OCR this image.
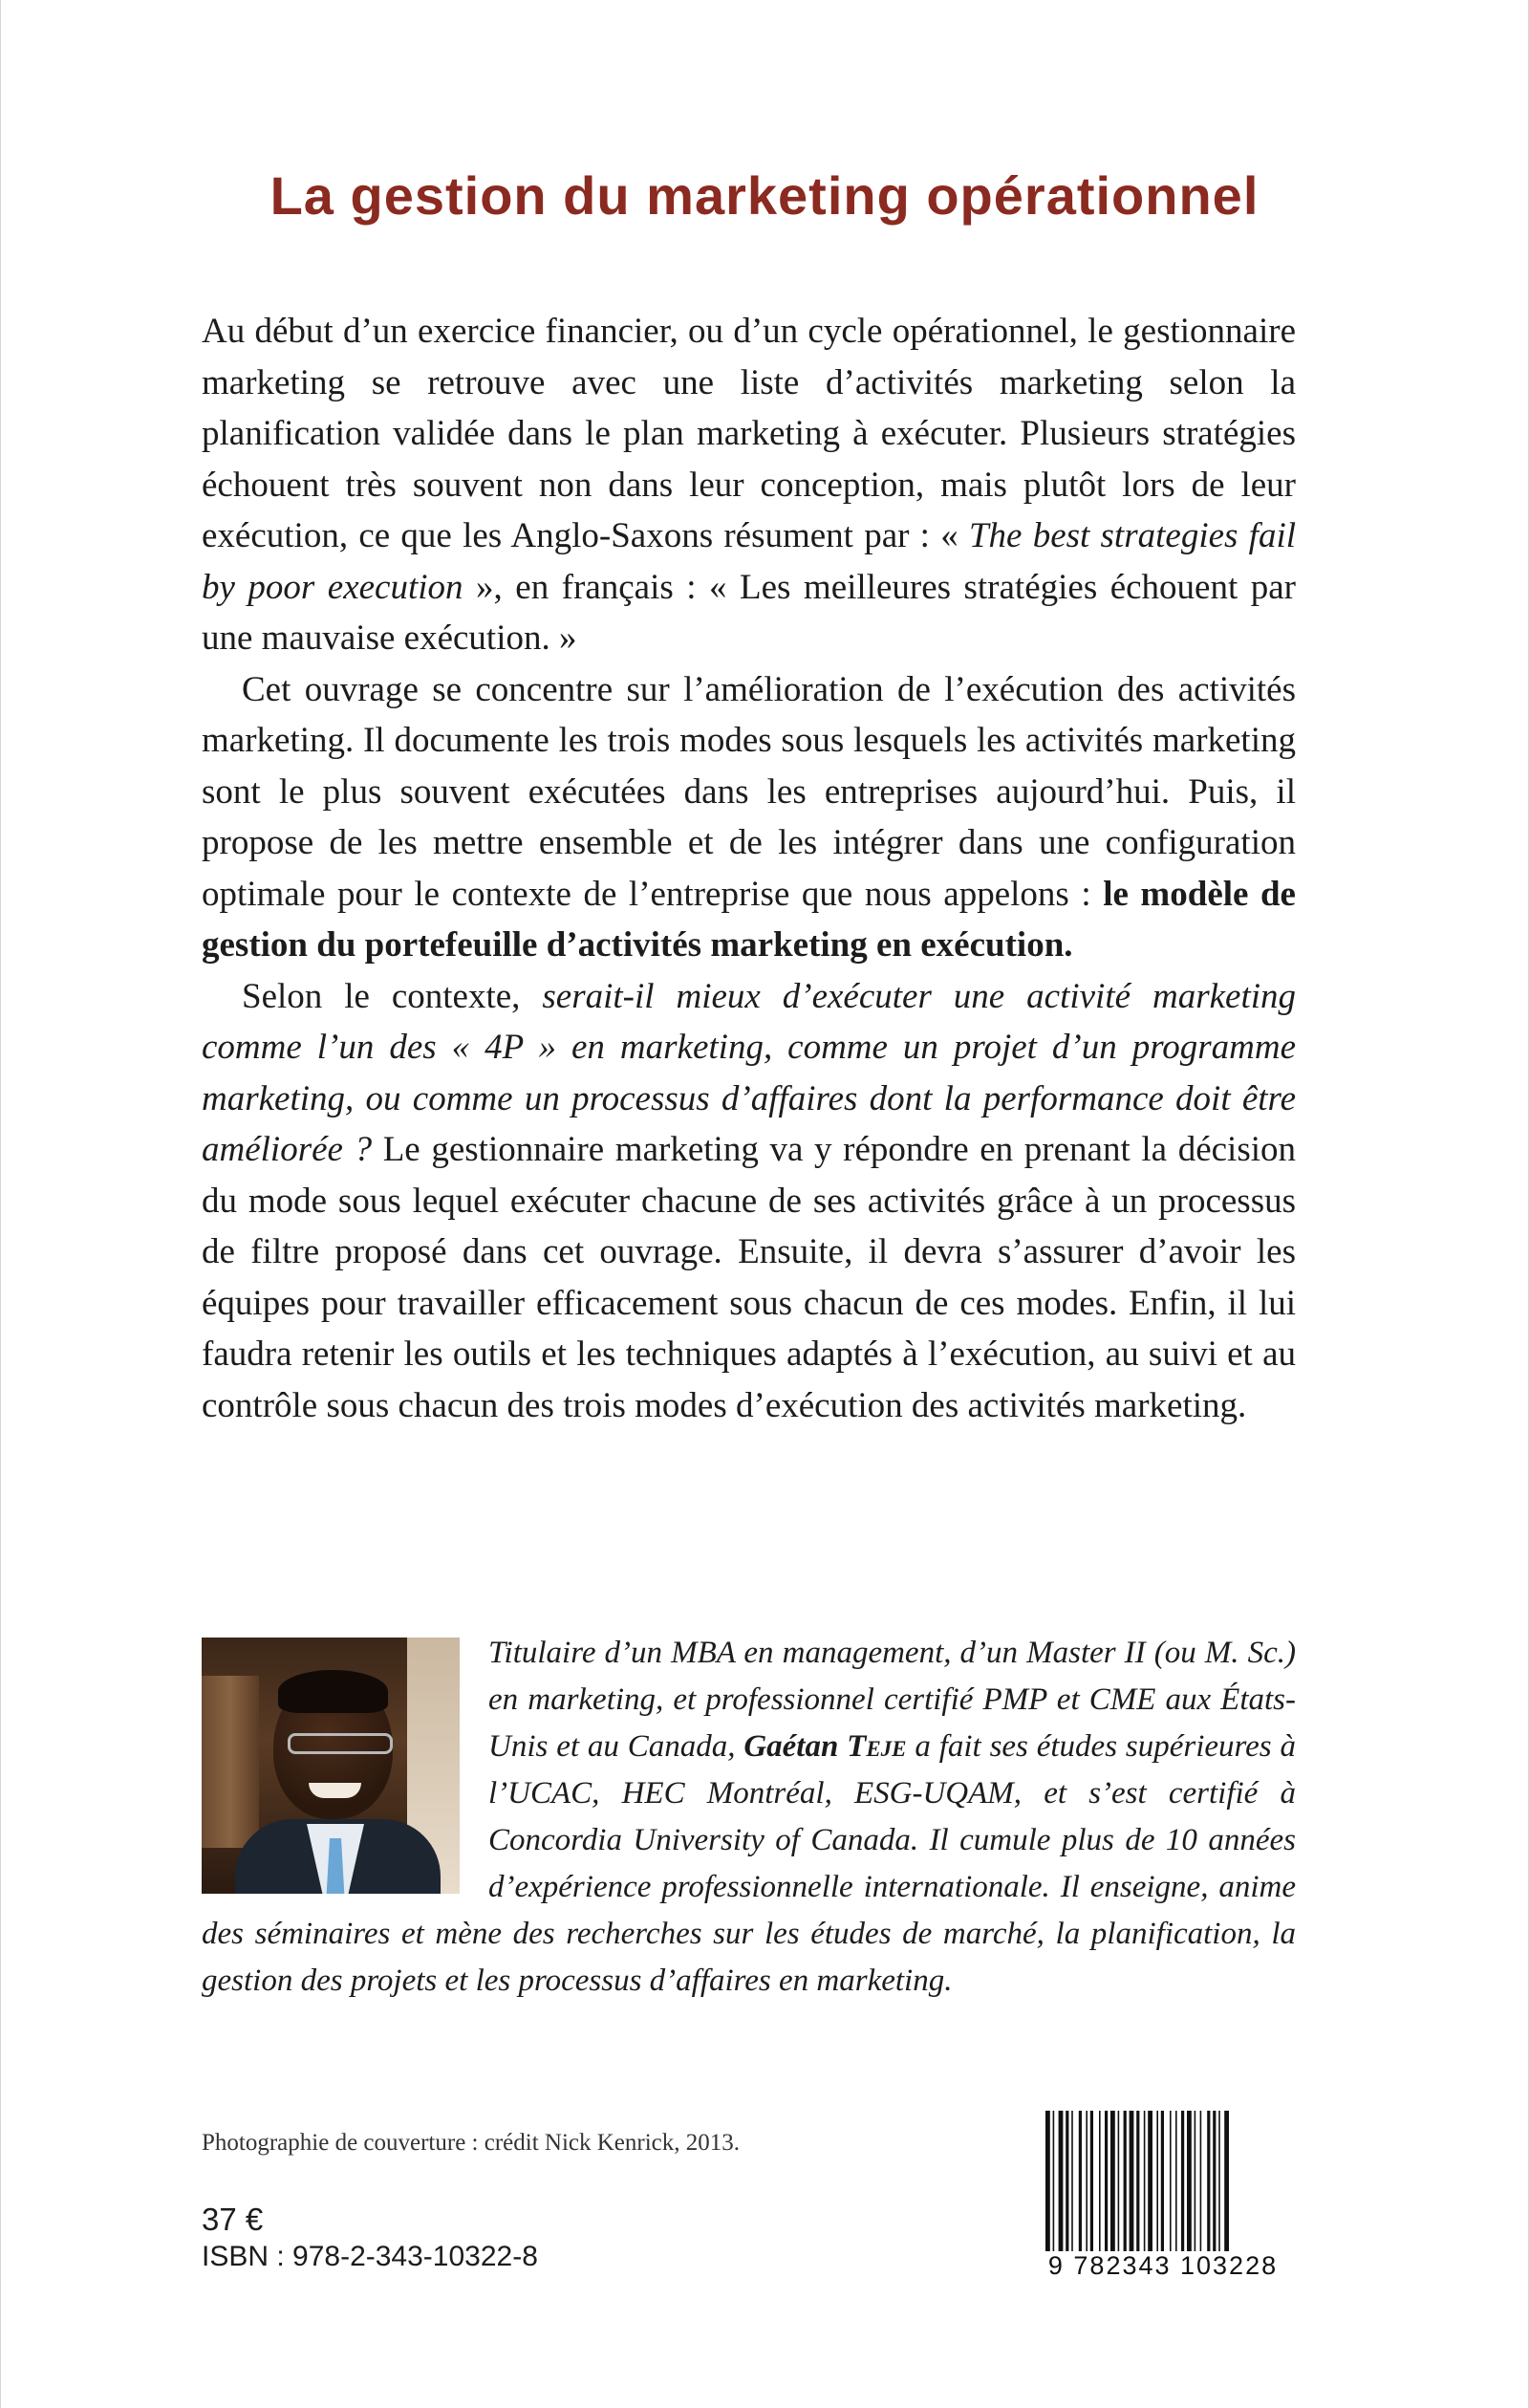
La gestion du marketing opérationnel

Au début d’un exercice financier, ou d’un cycle opérationnel, le gestionnaire marketing se retrouve avec une liste d’activités marketing selon la planification validée dans le plan marketing à exécuter. Plusieurs stratégies échouent très souvent non dans leur conception, mais plutôt lors de leur exécution, ce que les Anglo-Saxons résument par : « The best strategies fail by poor execution », en français : « Les meilleures stratégies échouent par une mauvaise exécution. »

Cet ouvrage se concentre sur l’amélioration de l’exécution des activités marketing. Il documente les trois modes sous lesquels les activités marketing sont le plus souvent exécutées dans les entreprises aujourd’hui. Puis, il propose de les mettre ensemble et de les intégrer dans une configuration optimale pour le contexte de l’entreprise que nous appelons : le modèle de gestion du portefeuille d’activités marketing en exécution.

Selon le contexte, serait-il mieux d’exécuter une activité marketing comme l’un des « 4P » en marketing, comme un projet d’un programme marketing, ou comme un processus d’affaires dont la performance doit être améliorée ? Le gestionnaire marketing va y répondre en prenant la décision du mode sous lequel exécuter chacune de ses activités grâce à un processus de filtre proposé dans cet ouvrage. Ensuite, il devra s’assurer d’avoir les équipes pour travailler efficacement sous chacun de ces modes. Enfin, il lui faudra retenir les outils et les techniques adaptés à l’exécution, au suivi et au contrôle sous chacun des trois modes d’exécution des activités marketing.

Titulaire d’un MBA en management, d’un Master II (ou M. Sc.) en marketing, et professionnel certifié PMP et CME aux États-Unis et au Canada, Gaétan Teje a fait ses études supérieures à l’UCAC, HEC Montréal, ESG-UQAM, et s’est certifié à Concordia University of Canada. Il cumule plus de 10 années d’expérience professionnelle internationale. Il enseigne, anime des séminaires et mène des recherches sur les études de marché, la planification, la gestion des projets et les processus d’affaires en marketing.
Photographie de couverture : crédit Nick Kenrick, 2013.
37 €
ISBN : 978-2-343-10322-8	9 782343 103228
